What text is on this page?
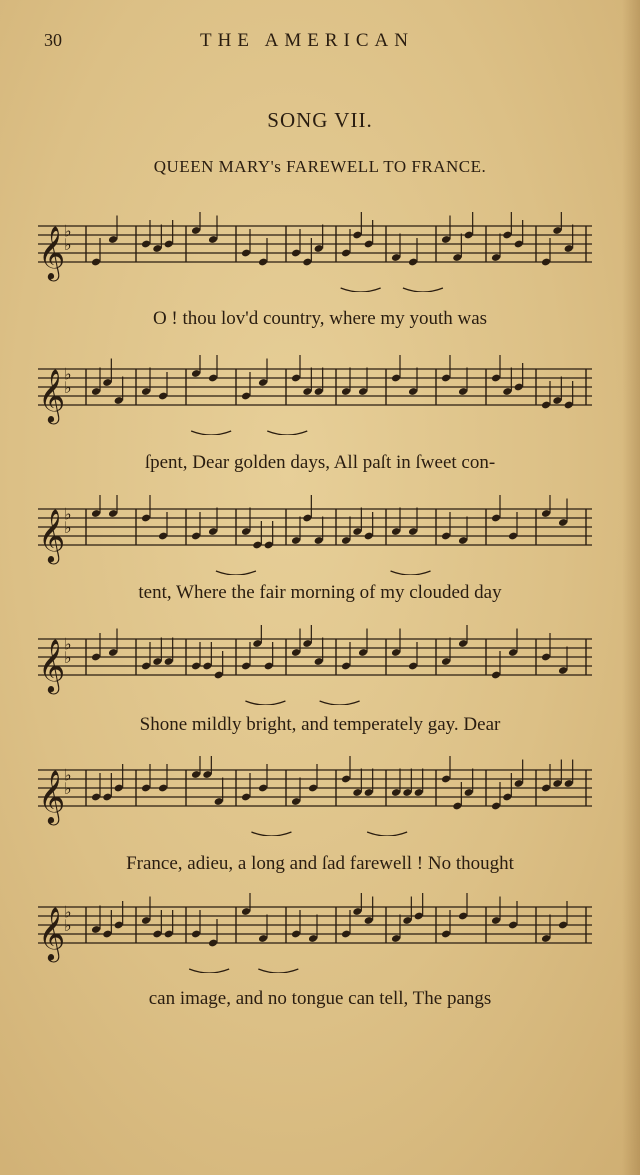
30	THE AMERICAN
SONG VII.
QUEEN MARY's FAREWELL TO FRANCE.
𝄞
♭
♭
O ! thou lov'd country, where my youth was
𝄞
♭
♭
ſpent, Dear golden days, All paſt in ſweet con-
𝄞
♭
♭
tent, Where the fair morning of my clouded day
𝄞
♭
♭
Shone mildly bright, and temperately gay. Dear
𝄞
♭
♭
France, adieu, a long and ſad farewell ! No thought
𝄞
♭
♭
can image, and no tongue can tell, The pangs
